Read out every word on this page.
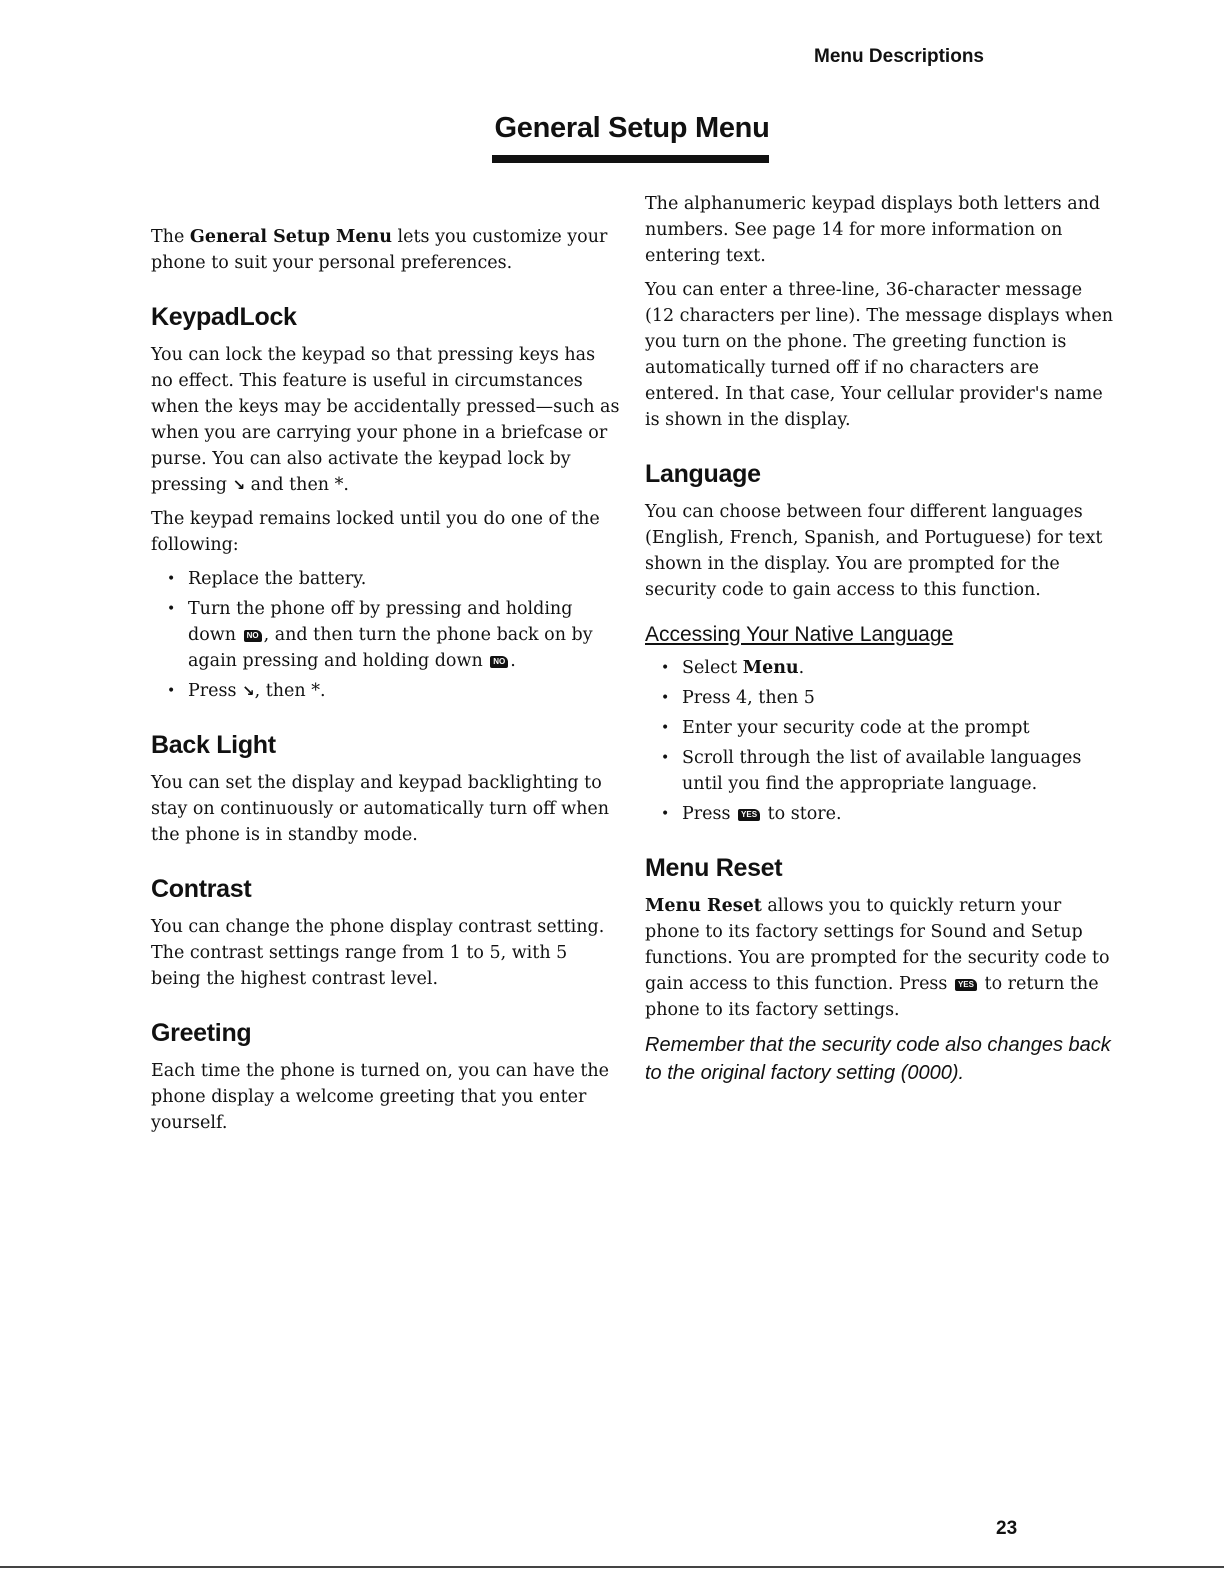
Menu Descriptions
General Setup Menu

The General Setup Menu lets you customize your phone to suit your personal preferences.

KeypadLock

You can lock the keypad so that pressing keys has no effect. This feature is useful in circumstances when the keys may be accidentally pressed—such as when you are carrying your phone in a briefcase or purse. You can also activate the keypad lock by pressing ↘ and then *.

The keypad remains locked until you do one of the following:

• Replace the battery.
• Turn the phone off by pressing and holding down NO , and then turn the phone back on by again pressing and holding down NO .
• Press ↘, then *.
Back Light

You can set the display and keypad backlighting to stay on continuously or automatically turn off when the phone is in standby mode.

Contrast

You can change the phone display contrast setting. The contrast settings range from 1 to 5, with 5 being the highest contrast level.

Greeting

Each time the phone is turned on, you can have the phone display a welcome greeting that you enter yourself.

The alphanumeric keypad displays both letters and numbers. See page 14 for more information on entering text.

You can enter a three-line, 36-character message (12 characters per line). The message displays when you turn on the phone. The greeting function is automatically turned off if no characters are entered. In that case, Your cellular provider's name is shown in the display.

Language

You can choose between four different languages (English, French, Spanish, and Portuguese) for text shown in the display. You are prompted for the security code to gain access to this function.

Accessing Your Native Language
• Select Menu.
• Press 4, then 5
• Enter your security code at the prompt
• Scroll through the list of available languages until you find the appropriate language.
• Press YES to store.
Menu Reset

Menu Reset allows you to quickly return your phone to its factory settings for Sound and Setup functions. You are prompted for the security code to gain access to this function. Press YES to return the phone to its factory settings.

Remember that the security code also changes back to the original factory setting (0000).

23
